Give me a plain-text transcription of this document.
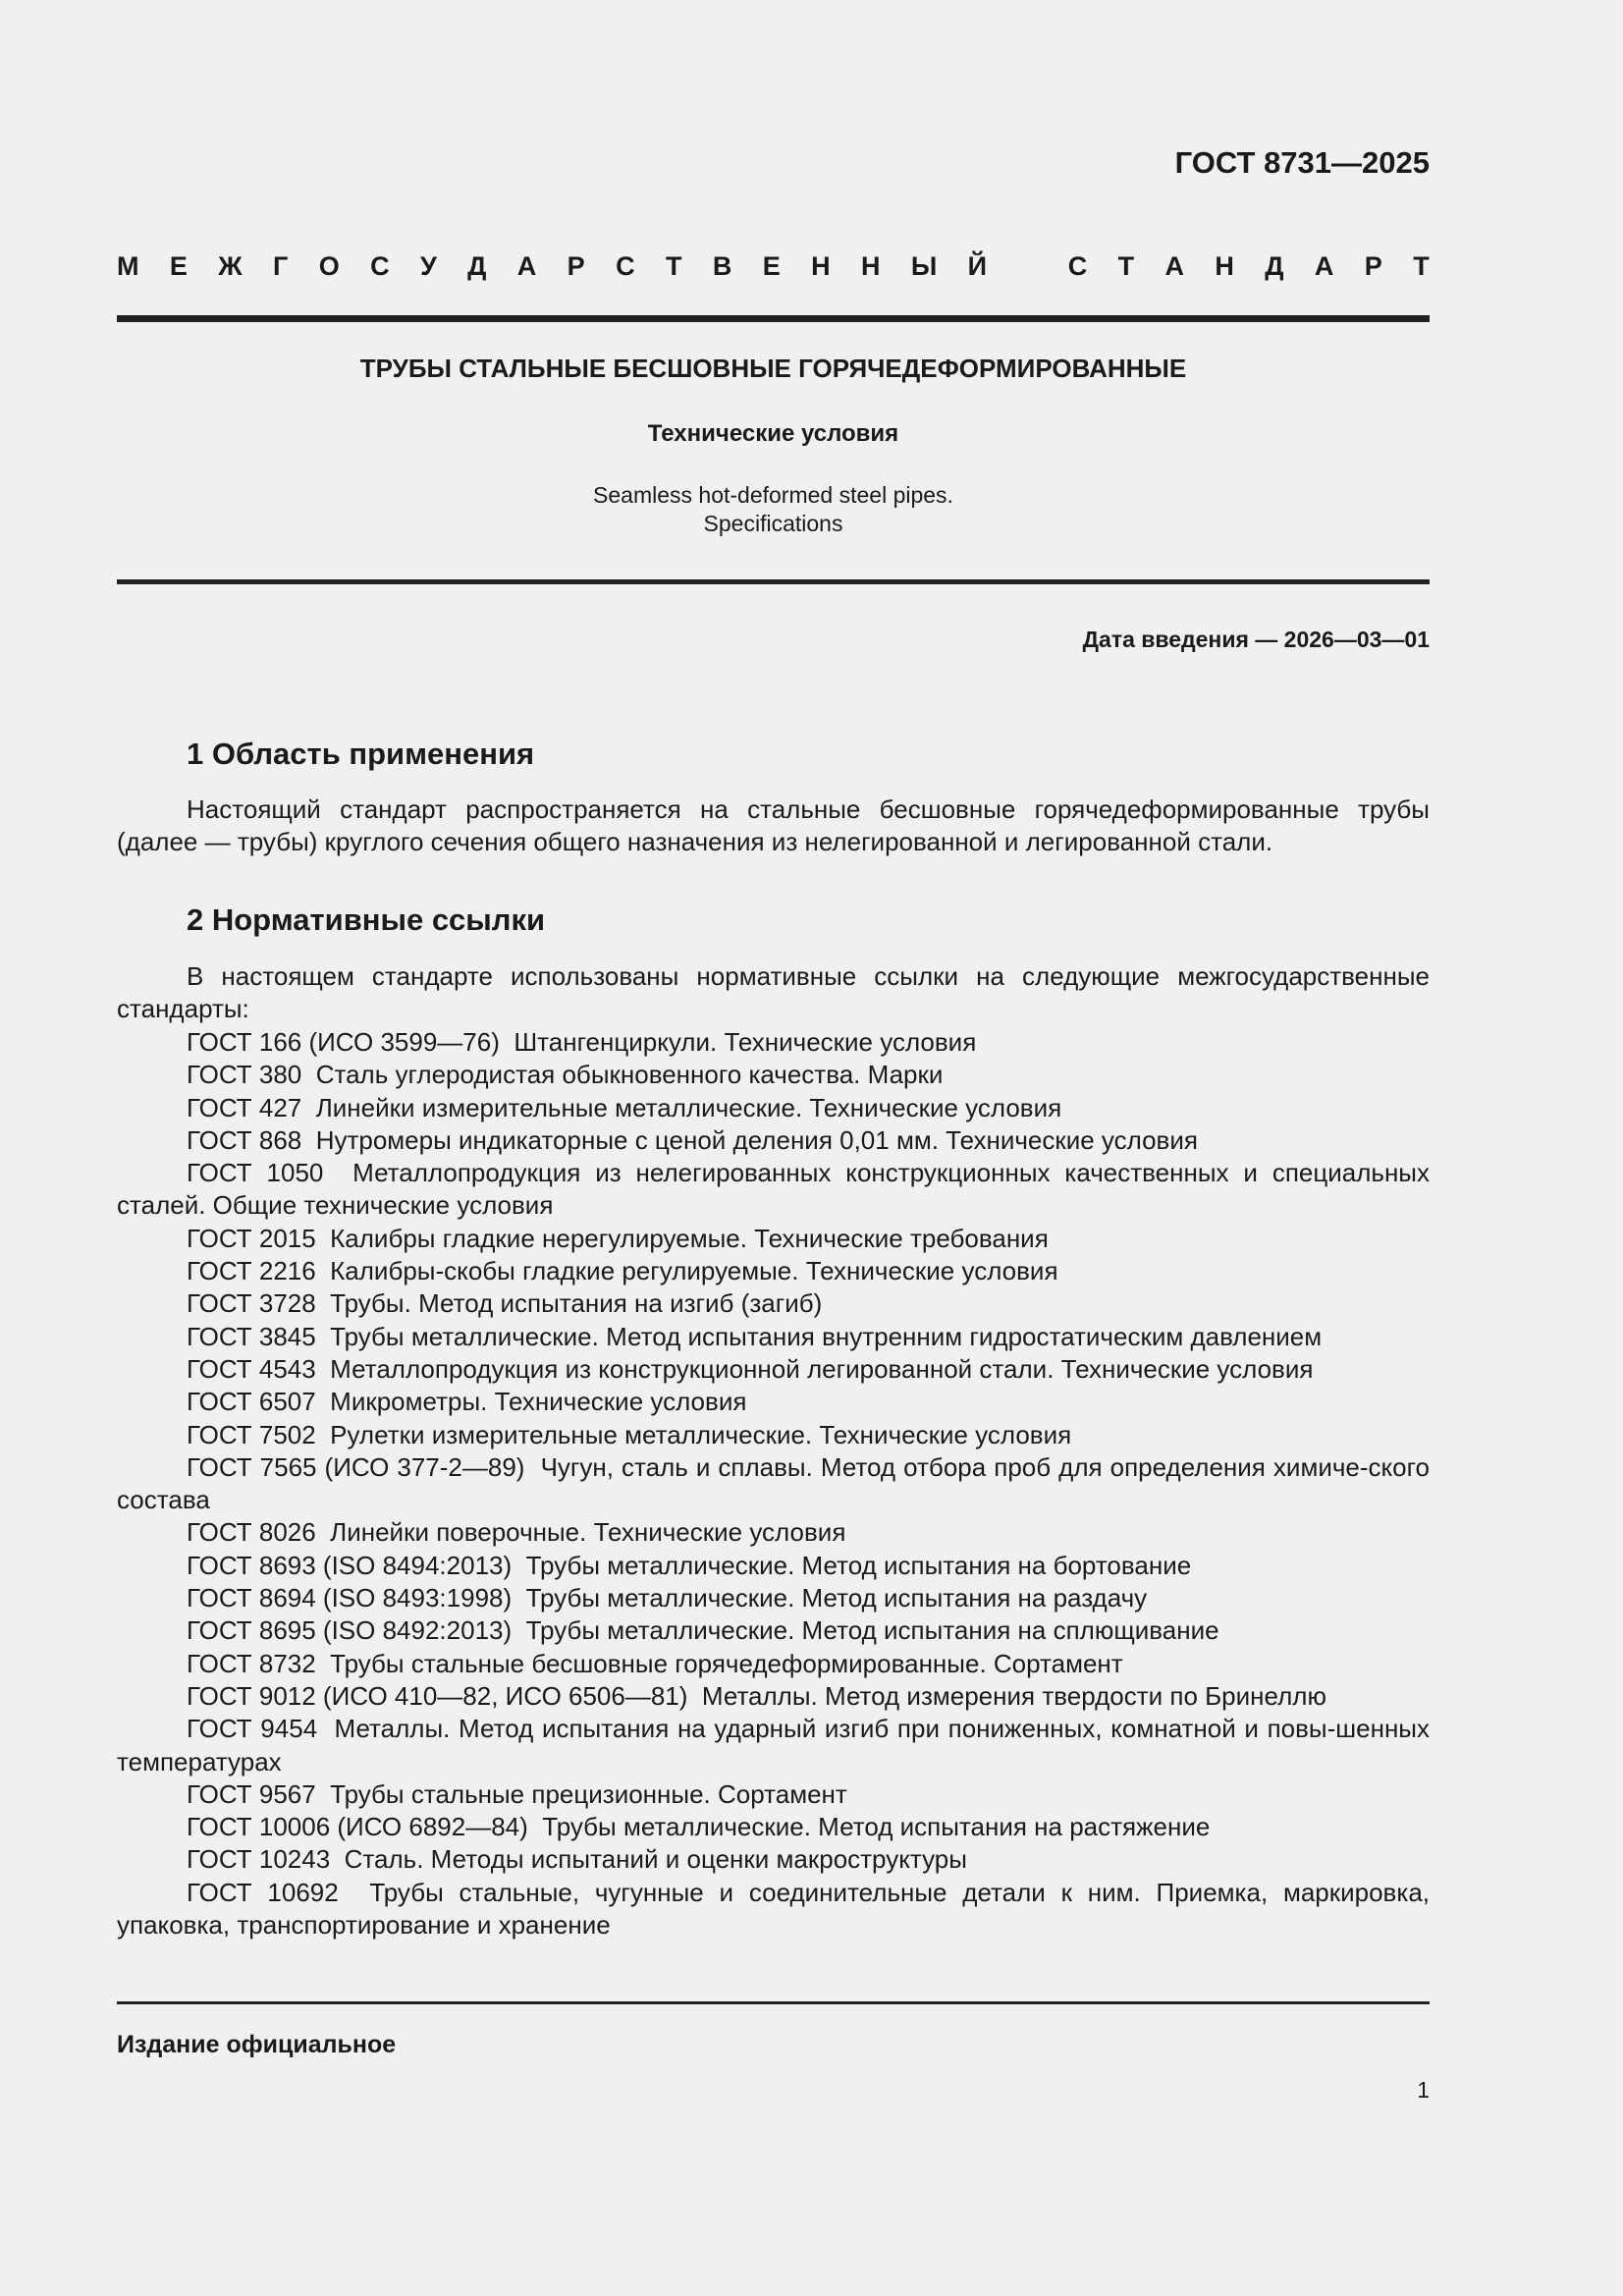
ГОСТ 8731—2025
М Е Ж Г О С У Д А Р С Т В Е Н Н Ы Й	С Т А Н Д А Р Т
ТРУБЫ СТАЛЬНЫЕ БЕСШОВНЫЕ ГОРЯЧЕДЕФОРМИРОВАННЫЕ
Технические условия
Seamless hot-deformed steel pipes.
Specifications
Дата введения — 2026—03—01
1 Область применения

Настоящий стандарт распространяется на стальные бесшовные горячедеформированные трубы (далее — трубы) круглого сечения общего назначения из нелегированной и легированной стали.

2 Нормативные ссылки

В настоящем стандарте использованы нормативные ссылки на следующие межгосударственные стандарты:

ГОСТ 166 (ИСО 3599—76) Штангенциркули. Технические условия

ГОСТ 380 Сталь углеродистая обыкновенного качества. Марки

ГОСТ 427 Линейки измерительные металлические. Технические условия

ГОСТ 868 Нутромеры индикаторные с ценой деления 0,01 мм. Технические условия

ГОСТ 1050 Металлопродукция из нелегированных конструкционных качественных и специальных сталей. Общие технические условия

ГОСТ 2015 Калибры гладкие нерегулируемые. Технические требования

ГОСТ 2216 Калибры-скобы гладкие регулируемые. Технические условия

ГОСТ 3728 Трубы. Метод испытания на изгиб (загиб)

ГОСТ 3845 Трубы металлические. Метод испытания внутренним гидростатическим давлением

ГОСТ 4543 Металлопродукция из конструкционной легированной стали. Технические условия

ГОСТ 6507 Микрометры. Технические условия

ГОСТ 7502 Рулетки измерительные металлические. Технические условия

ГОСТ 7565 (ИСО 377-2—89) Чугун, сталь и сплавы. Метод отбора проб для определения химиче-ского состава

ГОСТ 8026 Линейки поверочные. Технические условия

ГОСТ 8693 (ISO 8494:2013) Трубы металлические. Метод испытания на бортование

ГОСТ 8694 (ISO 8493:1998) Трубы металлические. Метод испытания на раздачу

ГОСТ 8695 (ISO 8492:2013) Трубы металлические. Метод испытания на сплющивание

ГОСТ 8732 Трубы стальные бесшовные горячедеформированные. Сортамент

ГОСТ 9012 (ИСО 410—82, ИСО 6506—81) Металлы. Метод измерения твердости по Бринеллю

ГОСТ 9454 Металлы. Метод испытания на ударный изгиб при пониженных, комнатной и повы-шенных температурах

ГОСТ 9567 Трубы стальные прецизионные. Сортамент

ГОСТ 10006 (ИСО 6892—84) Трубы металлические. Метод испытания на растяжение

ГОСТ 10243 Сталь. Методы испытаний и оценки макроструктуры

ГОСТ 10692 Трубы стальные, чугунные и соединительные детали к ним. Приемка, маркировка, упаковка, транспортирование и хранение

Издание официальное
1
